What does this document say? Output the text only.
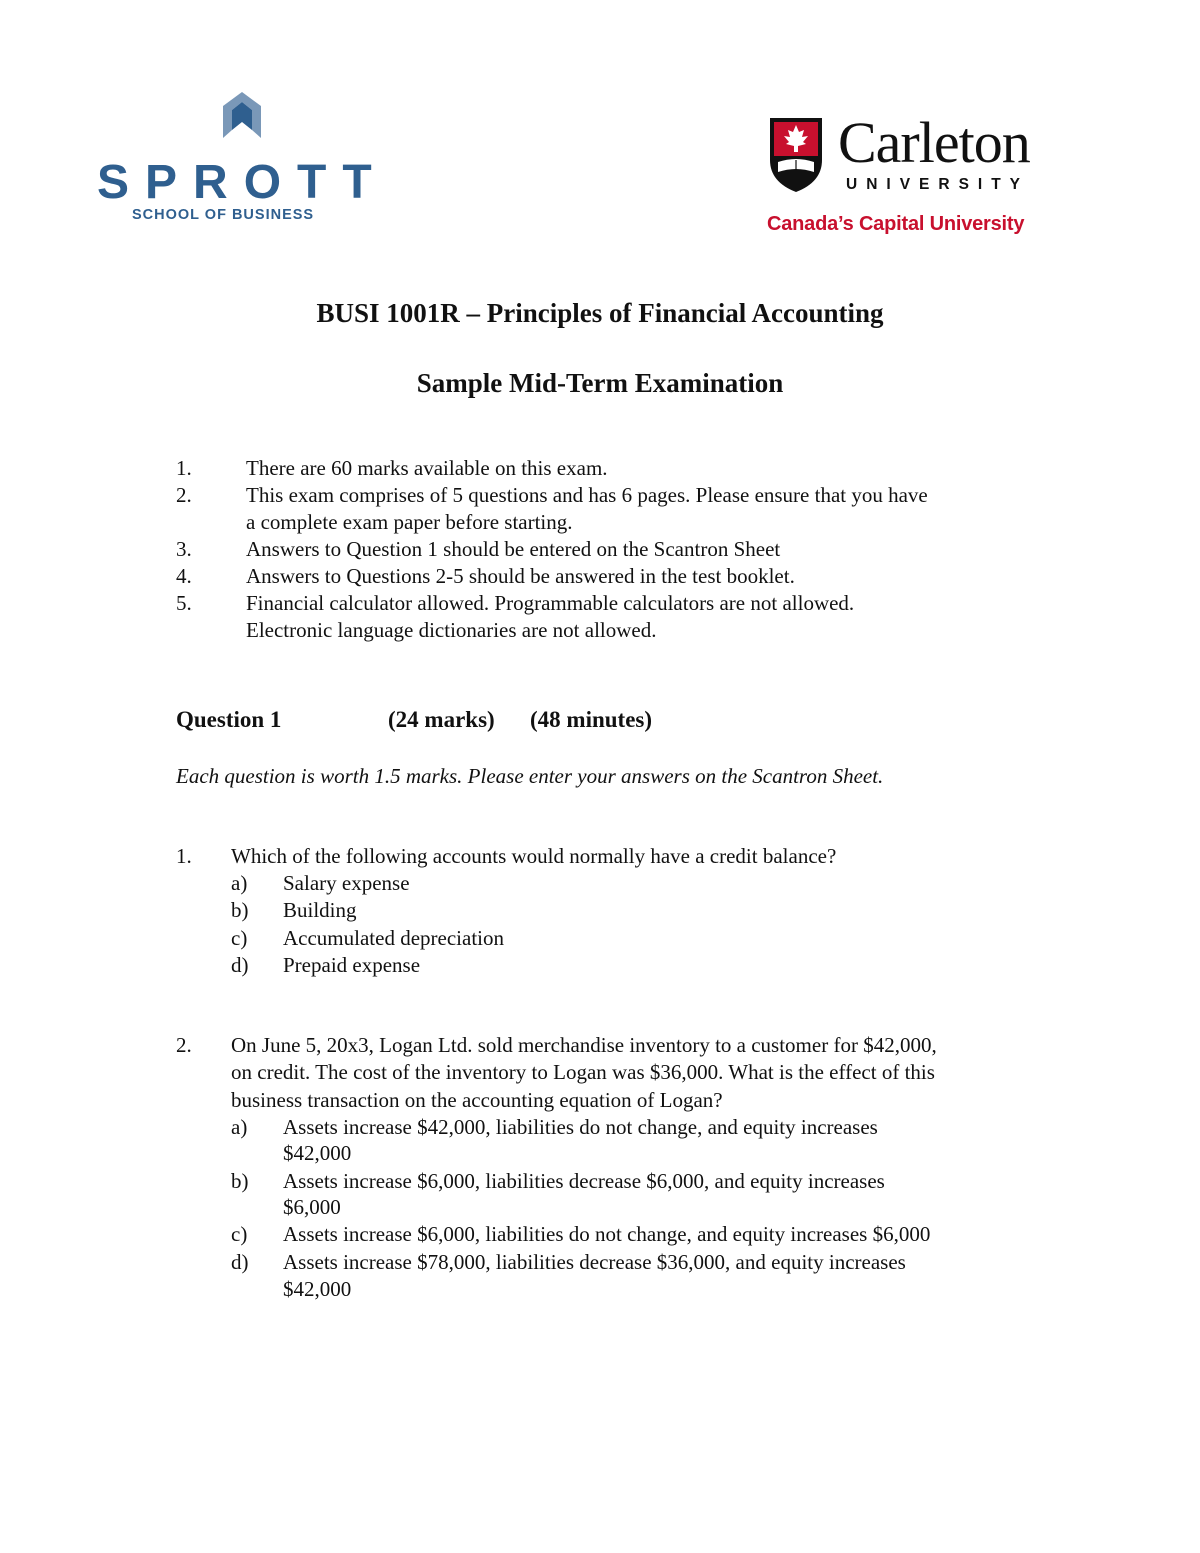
SPROTT
SCHOOL OF BUSINESS
Carleton
UNIVERSITY
Canada’s Capital University
BUSI 1001R – Principles of Financial Accounting
Sample Mid-Term Examination
1.	There are 60 marks available on this exam.
2.	This exam comprises of 5 questions and has 6 pages. Please ensure that you have
a complete exam paper before starting.
3.	Answers to Question 1 should be entered on the Scantron Sheet
4.	Answers to Questions 2-5 should be answered in the test booklet.
5.	Financial calculator allowed. Programmable calculators are not allowed.
Electronic language dictionaries are not allowed.
Question 1	(24 marks) (48 minutes)
Each question is worth 1.5 marks. Please enter your answers on the Scantron Sheet.
1. Which of the following accounts would normally have a credit balance?
a) Salary expense
b) Building
c) Accumulated depreciation
d) Prepaid expense
2. On June 5, 20x3, Logan Ltd. sold merchandise inventory to a customer for $42,000,
on credit. The cost of the inventory to Logan was $36,000. What is the effect of this
business transaction on the accounting equation of Logan?
a) Assets increase $42,000, liabilities do not change, and equity increases
$42,000
b) Assets increase $6,000, liabilities decrease $6,000, and equity increases
$6,000
c) Assets increase $6,000, liabilities do not change, and equity increases $6,000
d) Assets increase $78,000, liabilities decrease $36,000, and equity increases
$42,000
